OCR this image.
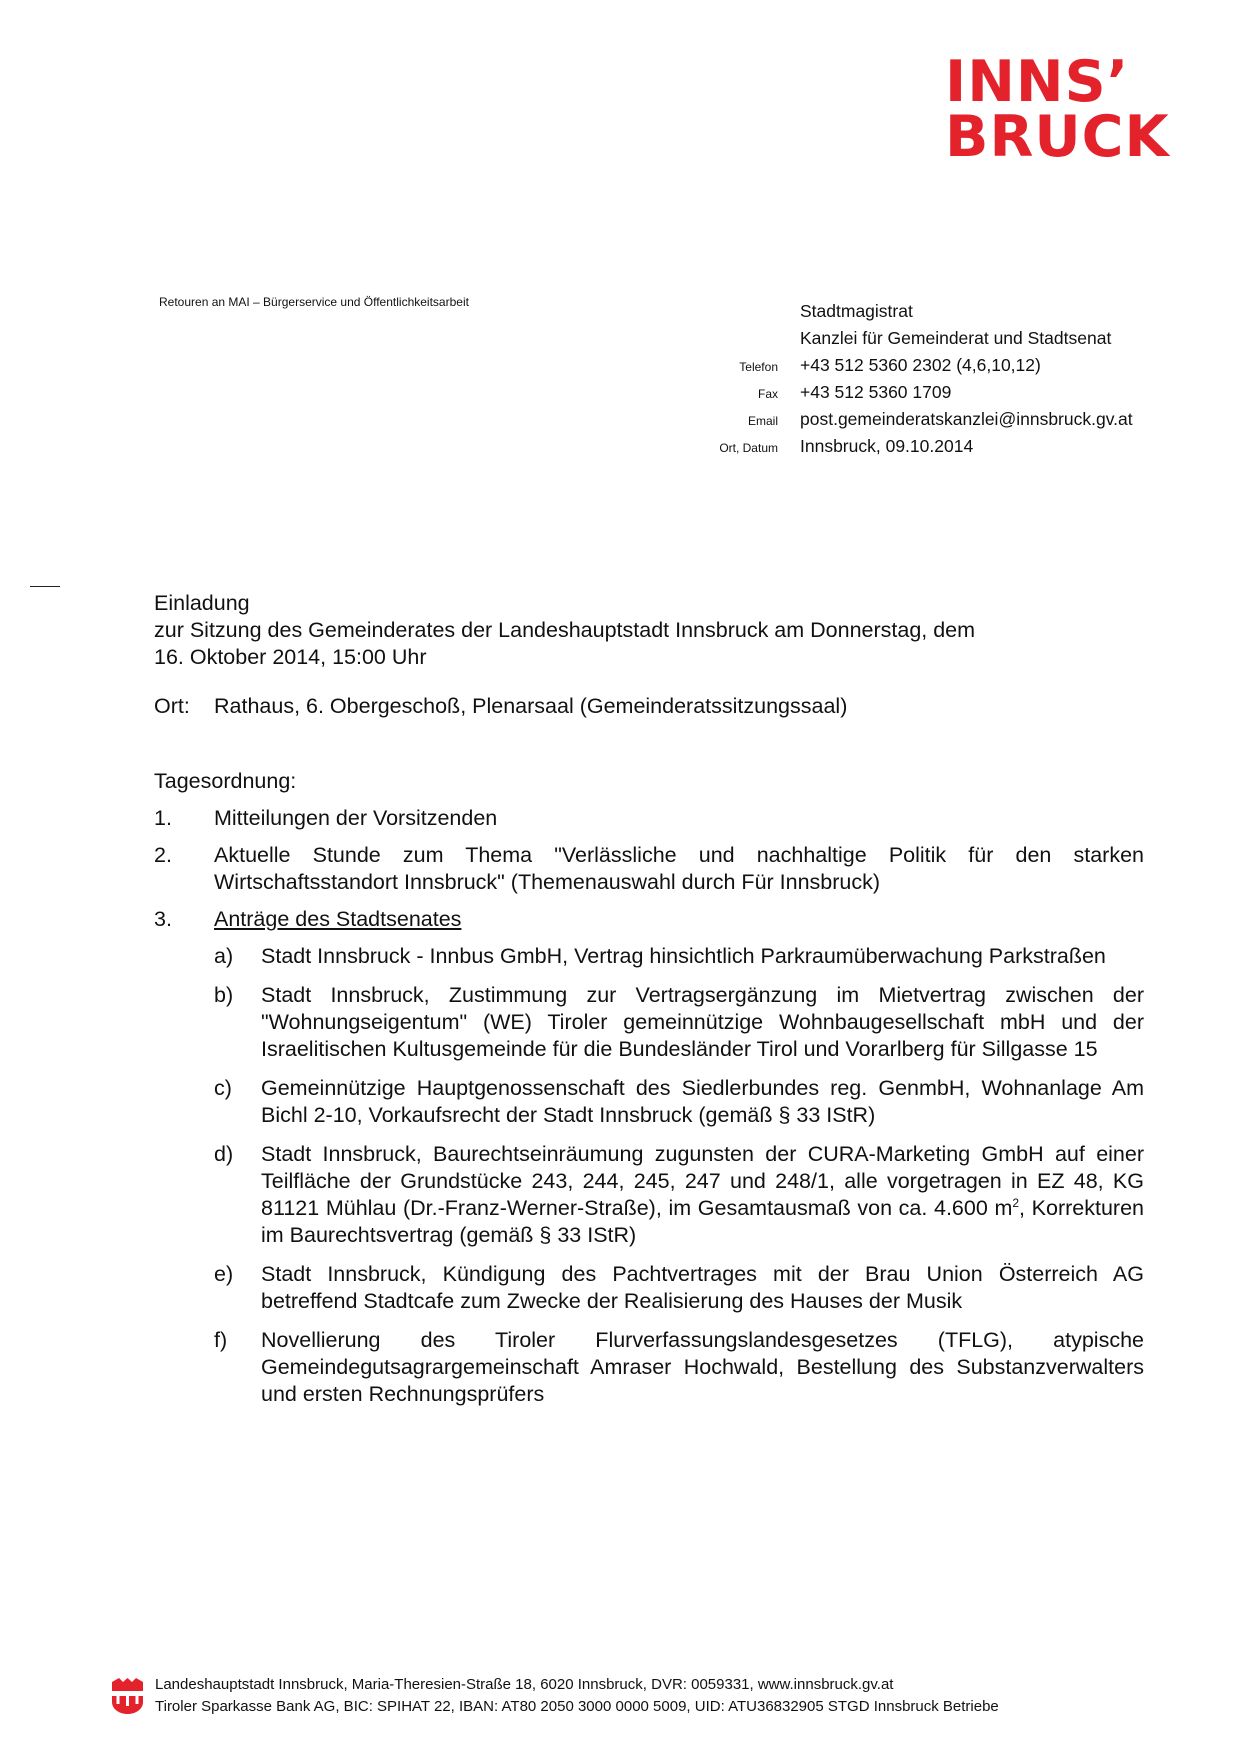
INNS’
BRUCK
Retouren an MAI – Bürgerservice und Öffentlichkeitsarbeit	Stadtmagistrat
Kanzlei für Gemeinderat und Stadtsenat
Telefon	+43 512 5360 2302 (4,6,10,12)
Fax	+43 512 5360 1709
Email	post.gemeinderatskanzlei@innsbruck.gv.at
Ort, Datum	Innsbruck, 09.10.2014

Einladung

zur Sitzung des Gemeinderates der Landeshauptstadt Innsbruck am Donnerstag, dem

16. Oktober 2014, 15:00 Uhr

Ort:	Rathaus, 6. Obergeschoß, Plenarsaal (Gemeinderatssitzungssaal)

Tagesordnung:

1.	Mitteilungen der Vorsitzenden
2.	Aktuelle Stunde zum Thema "Verlässliche und nachhaltige Politik für den starken Wirtschaftsstandort Innsbruck" (Themenauswahl durch Für Innsbruck)
3.	Anträge des Stadtsenates
a)	Stadt Innsbruck - Innbus GmbH, Vertrag hinsichtlich Parkraumüberwachung Parkstraßen
b)	Stadt Innsbruck, Zustimmung zur Vertragsergänzung im Mietvertrag zwischen der "Wohnungseigentum" (WE) Tiroler gemeinnützige Wohnbaugesellschaft mbH und der Israelitischen Kultusgemeinde für die Bundesländer Tirol und Vorarlberg für Sillgasse 15
c)	Gemeinnützige Hauptgenossenschaft des Siedlerbundes reg. GenmbH, Wohnanlage Am Bichl 2-10, Vorkaufsrecht der Stadt Innsbruck (gemäß § 33 IStR)
d)	Stadt Innsbruck, Baurechtseinräumung zugunsten der CURA-Marketing GmbH auf einer Teilfläche der Grundstücke 243, 244, 245, 247 und 248/1, alle vorgetragen in EZ 48, KG 81121 Mühlau (Dr.-Franz-Werner-Straße), im Gesamtausmaß von ca. 4.600 $m^2$, Korrekturen im Baurechtsvertrag (gemäß § 33 IStR)
e)	Stadt Innsbruck, Kündigung des Pachtvertrages mit der Brau Union Österreich AG betreffend Stadtcafe zum Zwecke der Realisierung des Hauses der Musik
f)	Novellierung des Tiroler Flurverfassungslandesgesetzes (TFLG), atypische Gemeindegutsagrargemeinschaft Amraser Hochwald, Bestellung des Substanzverwalters und ersten Rechnungsprüfers
Landeshauptstadt Innsbruck, Maria-Theresien-Straße 18, 6020 Innsbruck, DVR: 0059331, www.innsbruck.gv.at
Tiroler Sparkasse Bank AG, BIC: SPIHAT 22, IBAN: AT80 2050 3000 0000 5009, UID: ATU36832905 STGD Innsbruck Betriebe
